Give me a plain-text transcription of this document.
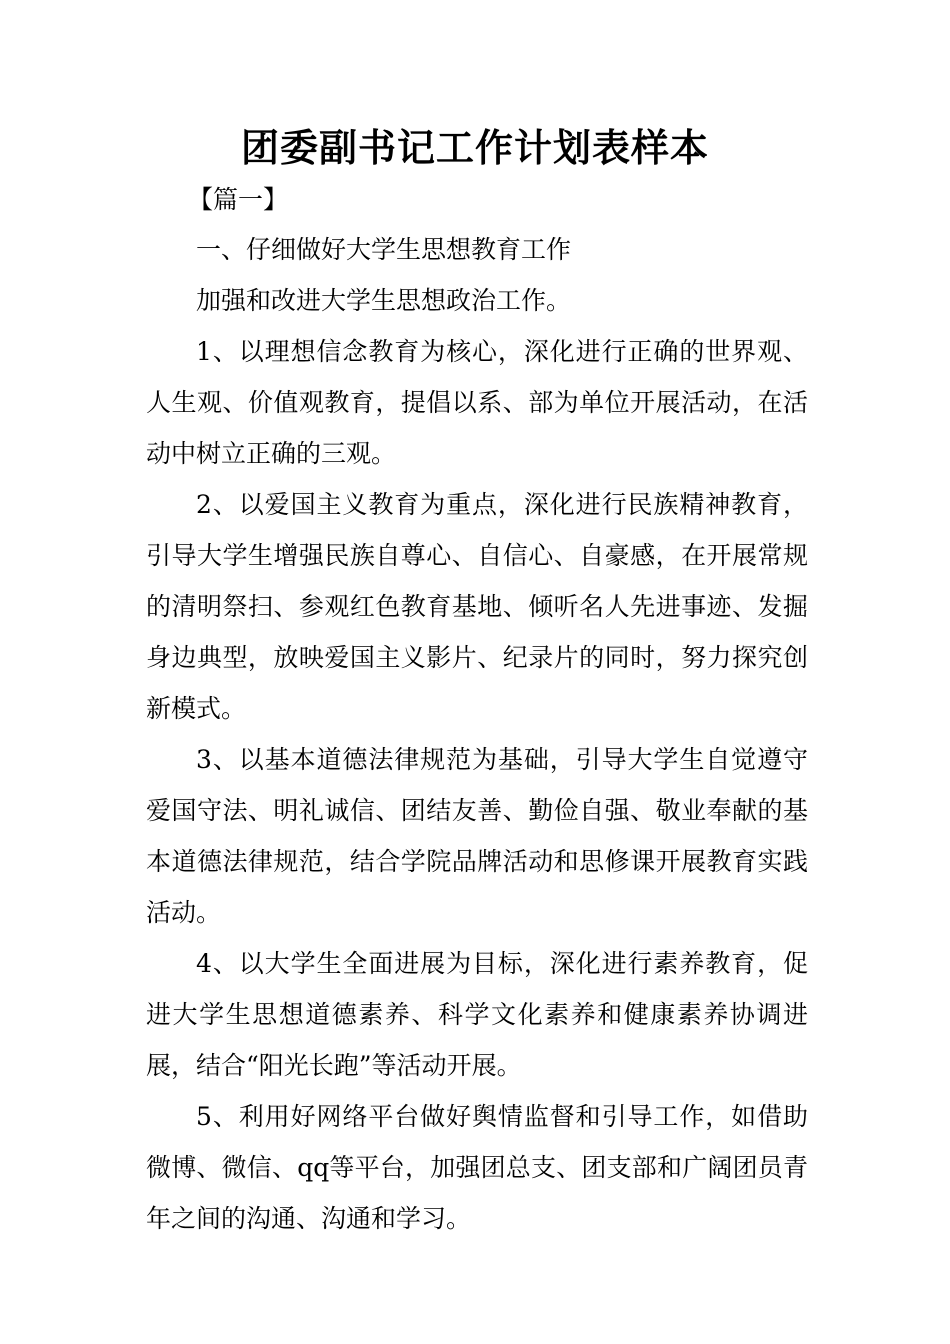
团委副书记工作计划表样本
【篇一】

一、仔细做好大学生思想教育工作

加强和改进大学生思想政治工作。

1、以理想信念教育为核心，深化进行正确的世界观、人生观、价值观教育，提倡以系、部为单位开展活动，在活动中树立正确的三观。

2、以爱国主义教育为重点，深化进行民族精神教育，引导大学生增强民族自尊心、自信心、自豪感，在开展常规的清明祭扫、参观红色教育基地、倾听名人先进事迹、发掘身边典型，放映爱国主义影片、纪录片的同时，努力探究创新模式。

3、以基本道德法律规范为基础，引导大学生自觉遵守爱国守法、明礼诚信、团结友善、勤俭自强、敬业奉献的基本道德法律规范，结合学院品牌活动和思修课开展教育实践活动。

4、以大学生全面进展为目标，深化进行素养教育，促进大学生思想道德素养、科学文化素养和健康素养协调进展，结合“阳光长跑”等活动开展。

5、利用好网络平台做好舆情监督和引导工作，如借助微博、微信、qq等平台，加强团总支、团支部和广阔团员青年之间的沟通、沟通和学习。
